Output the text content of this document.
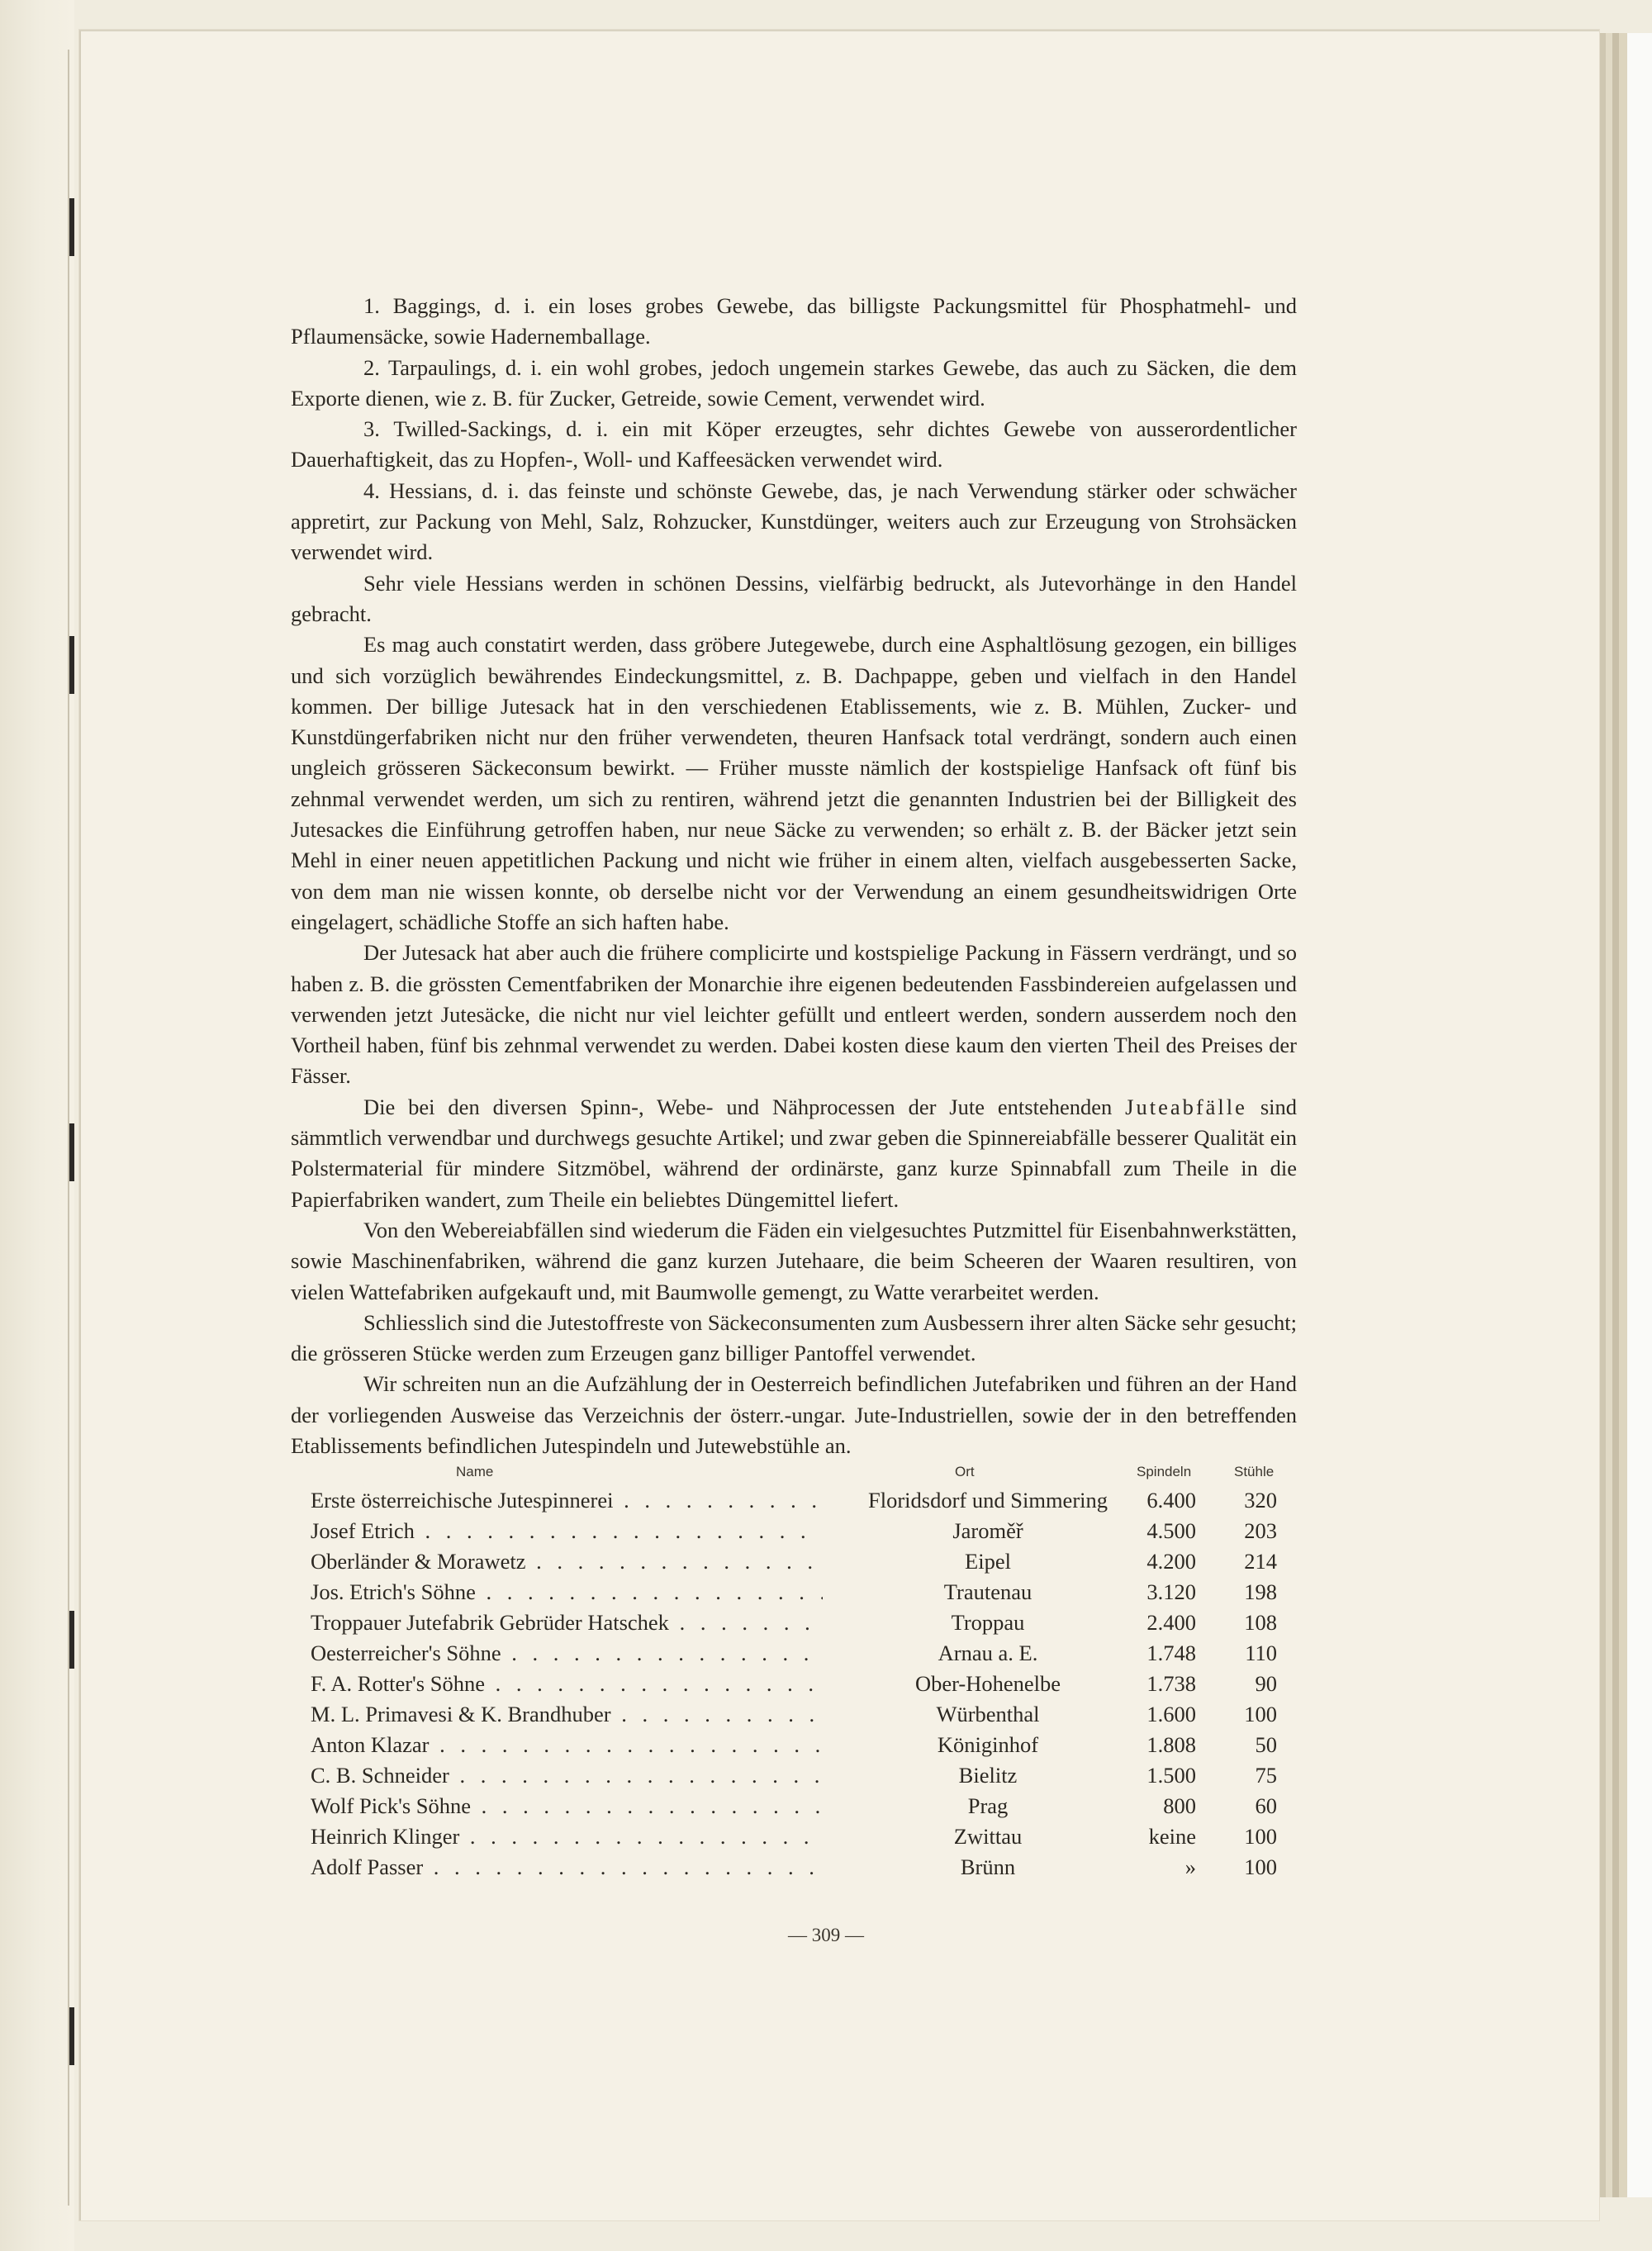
1. Baggings, d. i. ein loses grobes Gewebe, das billigste Packungsmittel für Phosphatmehl- und Pflaumensäcke, sowie Hadernemballage.

2. Tarpaulings, d. i. ein wohl grobes, jedoch ungemein starkes Gewebe, das auch zu Säcken, die dem Exporte dienen, wie z. B. für Zucker, Getreide, sowie Cement, verwendet wird.

3. Twilled-Sackings, d. i. ein mit Köper erzeugtes, sehr dichtes Gewebe von ausserordentlicher Dauerhaftigkeit, das zu Hopfen-, Woll- und Kaffeesäcken verwendet wird.

4. Hessians, d. i. das feinste und schönste Gewebe, das, je nach Verwendung stärker oder schwächer appretirt, zur Packung von Mehl, Salz, Rohzucker, Kunstdünger, weiters auch zur Erzeugung von Strohsäcken verwendet wird.

Sehr viele Hessians werden in schönen Dessins, vielfärbig bedruckt, als Jutevorhänge in den Handel gebracht.

Es mag auch constatirt werden, dass gröbere Jutegewebe, durch eine Asphaltlösung gezogen, ein billiges und sich vorzüglich bewährendes Eindeckungsmittel, z. B. Dachpappe, geben und vielfach in den Handel kommen. Der billige Jutesack hat in den verschiedenen Etablissements, wie z. B. Mühlen, Zucker- und Kunstdüngerfabriken nicht nur den früher verwendeten, theuren Hanfsack total verdrängt, sondern auch einen ungleich grösseren Säckeconsum bewirkt. — Früher musste nämlich der kostspielige Hanfsack oft fünf bis zehnmal verwendet werden, um sich zu rentiren, während jetzt die genannten Industrien bei der Billigkeit des Jutesackes die Einführung getroffen haben, nur neue Säcke zu verwenden; so erhält z. B. der Bäcker jetzt sein Mehl in einer neuen appetitlichen Packung und nicht wie früher in einem alten, vielfach ausgebesserten Sacke, von dem man nie wissen konnte, ob derselbe nicht vor der Verwendung an einem gesundheitswidrigen Orte eingelagert, schädliche Stoffe an sich haften habe.

Der Jutesack hat aber auch die frühere complicirte und kostspielige Packung in Fässern verdrängt, und so haben z. B. die grössten Cementfabriken der Monarchie ihre eigenen bedeutenden Fassbindereien aufgelassen und verwenden jetzt Jutesäcke, die nicht nur viel leichter gefüllt und entleert werden, sondern ausserdem noch den Vortheil haben, fünf bis zehnmal verwendet zu werden. Dabei kosten diese kaum den vierten Theil des Preises der Fässer.

Die bei den diversen Spinn-, Webe- und Nähprocessen der Jute entstehenden Juteabfälle sind sämmtlich verwendbar und durchwegs gesuchte Artikel; und zwar geben die Spinnereiabfälle besserer Qualität ein Polstermaterial für mindere Sitzmöbel, während der ordinärste, ganz kurze Spinnabfall zum Theile in die Papierfabriken wandert, zum Theile ein beliebtes Düngemittel liefert.

Von den Webereiabfällen sind wiederum die Fäden ein vielgesuchtes Putzmittel für Eisenbahnwerkstätten, sowie Maschinenfabriken, während die ganz kurzen Jutehaare, die beim Scheeren der Waaren resultiren, von vielen Wattefabriken aufgekauft und, mit Baumwolle gemengt, zu Watte verarbeitet werden.

Schliesslich sind die Jutestoffreste von Säckeconsumenten zum Ausbessern ihrer alten Säcke sehr gesucht; die grösseren Stücke werden zum Erzeugen ganz billiger Pantoffel verwendet.

Wir schreiten nun an die Aufzählung der in Oesterreich befindlichen Jutefabriken und führen an der Hand der vorliegenden Ausweise das Verzeichnis der österr.-ungar. Jute-Industriellen, sowie der in den betreffenden Etablissements befindlichen Jutespindeln und Jutewebstühle an.

Name	Ort	Spindeln	Stühle
Erste österreichische Jutespinnerei . . .	Floridsdorf und Simmering	6.400	320
Josef Etrich . . .	Jaroměř	4.500	203
Oberländer & Morawetz . . .	Eipel	4.200	214
Jos. Etrich's Söhne . . .	Trautenau	3.120	198
Troppauer Jutefabrik Gebrüder Hatschek . . .	Troppau	2.400	108
Oesterreicher's Söhne . . .	Arnau a. E.	1.748	110
F. A. Rotter's Söhne . . .	Ober-Hohenelbe	1.738	90
M. L. Primavesi & K. Brandhuber . . .	Würbenthal	1.600	100
Anton Klazar . . .	Königinhof	1.808	50
C. B. Schneider . . .	Bielitz	1.500	75
Wolf Pick's Söhne . . .	Prag	800	60
Heinrich Klinger . . .	Zwittau	keine	100
Adolf Passer . . .	Brünn	»	100
— 309 —
